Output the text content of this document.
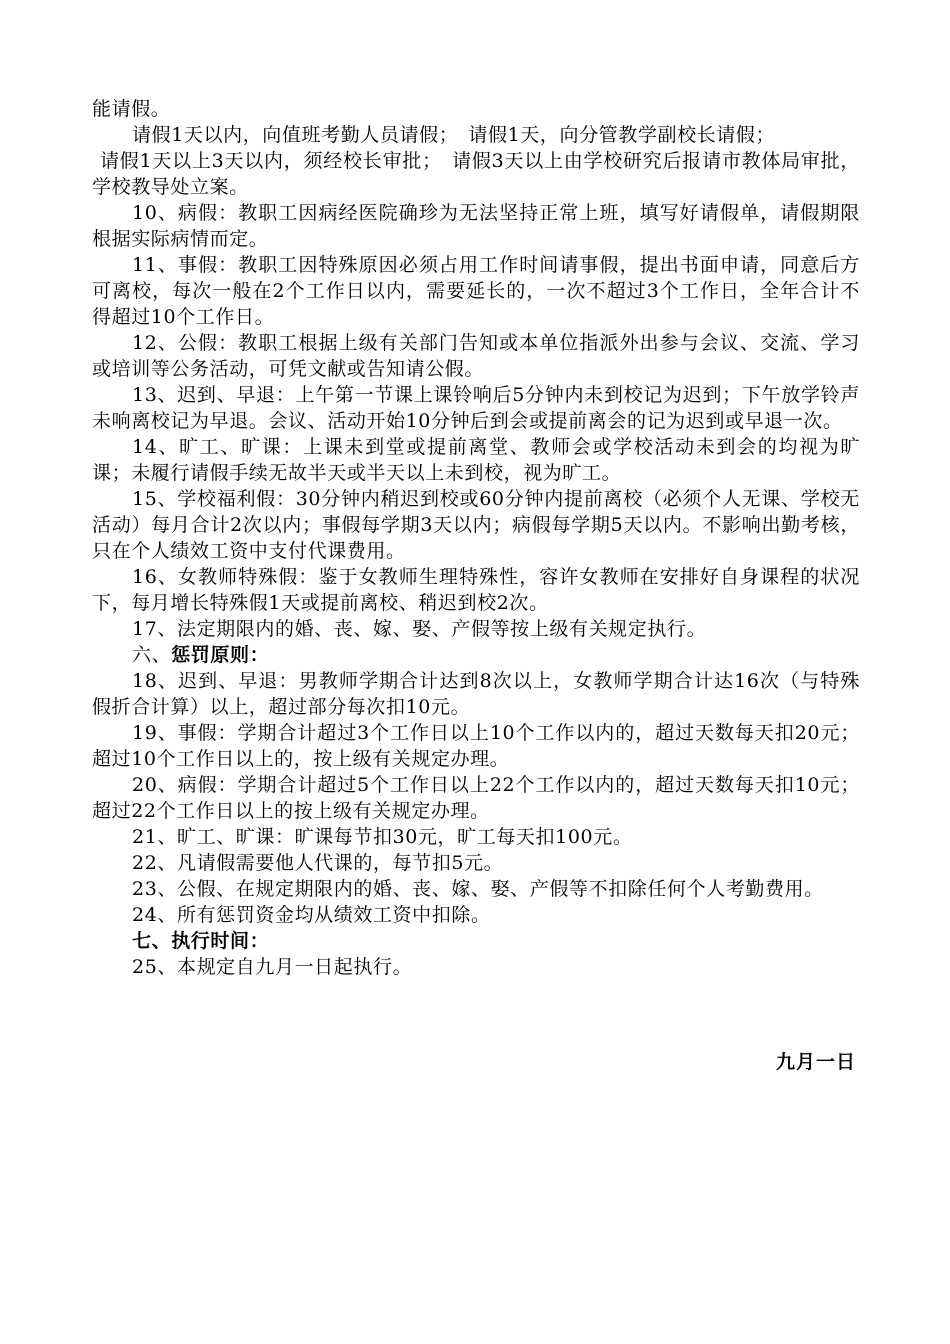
能请假。

请假1天以内，向值班考勤人员请假；　请假1天，向分管教学副校长请假；

请假1天以上3天以内，须经校长审批；　请假3天以上由学校研究后报请市教体局审批，学校教导处立案。

10、病假：教职工因病经医院确珍为无法坚持正常上班，填写好请假单，请假期限根据实际病情而定。

11、事假：教职工因特殊原因必须占用工作时间请事假，提出书面申请，同意后方可离校，每次一般在2个工作日以内，需要延长的，一次不超过3个工作日，全年合计不得超过10个工作日。

12、公假：教职工根据上级有关部门告知或本单位指派外出参与会议、交流、学习或培训等公务活动，可凭文献或告知请公假。

13、迟到、早退：上午第一节课上课铃响后5分钟内未到校记为迟到；下午放学铃声未响离校记为早退。会议、活动开始10分钟后到会或提前离会的记为迟到或早退一次。

14、旷工、旷课：上课未到堂或提前离堂、教师会或学校活动未到会的均视为旷课；未履行请假手续无故半天或半天以上未到校，视为旷工。

15、学校福利假：30分钟内稍迟到校或60分钟内提前离校（必须个人无课、学校无活动）每月合计2次以内；事假每学期3天以内；病假每学期5天以内。不影响出勤考核，只在个人绩效工资中支付代课费用。

16、女教师特殊假：鉴于女教师生理特殊性，容许女教师在安排好自身课程的状况下，每月增长特殊假1天或提前离校、稍迟到校2次。

17、法定期限内的婚、丧、嫁、娶、产假等按上级有关规定执行。

六、惩罚原则：

18、迟到、早退：男教师学期合计达到8次以上，女教师学期合计达16次（与特殊假折合计算）以上，超过部分每次扣10元。

19、事假：学期合计超过3个工作日以上10个工作以内的，超过天数每天扣20元；超过10个工作日以上的，按上级有关规定办理。

20、病假：学期合计超过5个工作日以上22个工作以内的，超过天数每天扣10元；超过22个工作日以上的按上级有关规定办理。

21、旷工、旷课：旷课每节扣30元，旷工每天扣100元。

22、凡请假需要他人代课的，每节扣5元。

23、公假、在规定期限内的婚、丧、嫁、娶、产假等不扣除任何个人考勤费用。

24、所有惩罚资金均从绩效工资中扣除。

七、执行时间：

25、本规定自九月一日起执行。

九月一日
